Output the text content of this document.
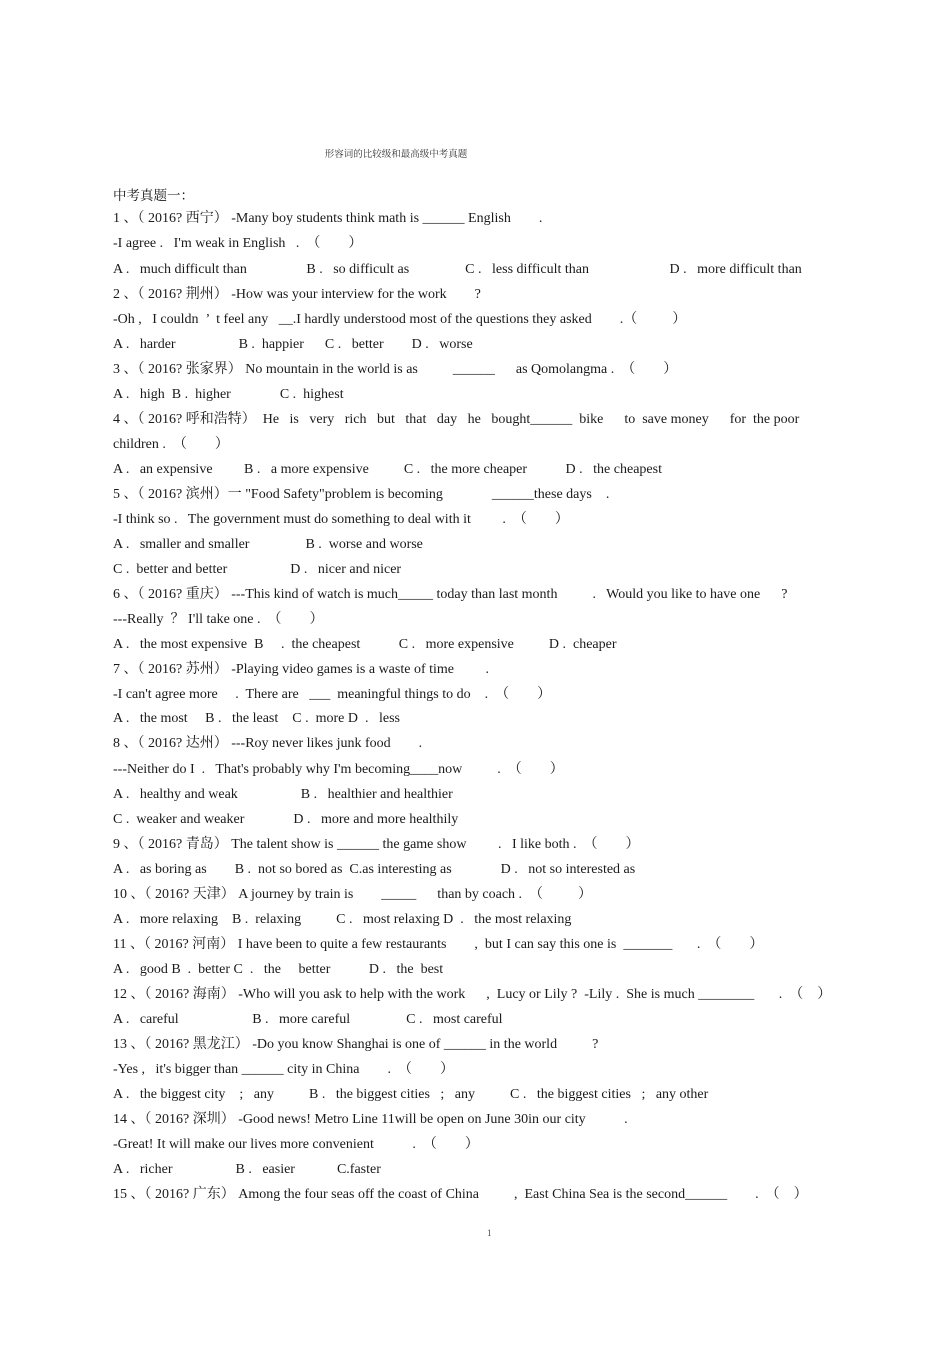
形容词的比较级和最高级中考真题
中考真题一：
1 、（ 2016? 西宁） -Many boy students think math is ______ English        .
-I agree .   I'm weak in English   .  （        ）
A .   much difficult than                 B .   so difficult as                C .   less difficult than                       D .   more difficult than
2 、（ 2016? 荆州） -How was your interview for the work        ?
-Oh ,   I couldn  ’  t feel any   __.I hardly understood most of the questions they asked        .（          ）
A .   harder                  B .  happier      C .   better        D .   worse
3 、（ 2016? 张家界） No mountain in the world is as          ______      as Qomolangma .  （        ）
A .   high  B .  higher              C .  highest
4 、（ 2016? 呼和浩特）  He   is   very   rich   but   that   day   he   bought______  bike      to  save money      for  the poor
children .  （        ）
A .   an expensive         B .   a more expensive          C .   the more cheaper           D .   the cheapest
5 、（ 2016? 滨州）一 "Food Safety"problem is becoming              ______these days    .
-I think so .   The government must do something to deal with it         .  （        ）
A .   smaller and smaller                B .  worse and worse
C .  better and better                  D .   nicer and nicer
6 、（ 2016? 重庆） ---This kind of watch is much_____ today than last month          .   Would you like to have one      ?
---Really  ？ I'll take one .  （        ）
A .   the most expensive  B     .  the cheapest           C .   more expensive          D .  cheaper
7 、（ 2016? 苏州） -Playing video games is a waste of time         .
-I can't agree more     .  There are   ___  meaningful things to do    .  （        ）
A .   the most     B .   the least    C .  more D  .   less
8 、（ 2016? 达州） ---Roy never likes junk food        .
---Neither do I  .   That's probably why I'm becoming____now          .  （        ）
A .   healthy and weak                  B .   healthier and healthier
C .  weaker and weaker              D .   more and more healthily
9 、（ 2016? 青岛） The talent show is ______ the game show         .   I like both .  （        ）
A .   as boring as        B .  not so bored as  C.as interesting as              D .   not so interested as
10 、（ 2016? 天津） A journey by train is        _____      than by coach .  （          ）
A .   more relaxing    B .  relaxing          C .   most relaxing D  .   the most relaxing
11 、（ 2016? 河南） I have been to quite a few restaurants        ,  but I can say this one is  _______       .  （        ）
A .   good B  .  better C  .   the     better           D .   the  best
12 、（ 2016? 海南） -Who will you ask to help with the work      ,  Lucy or Lily ?  -Lily .  She is much ________       .  （    ）
A .   careful                     B .   more careful                C .   most careful
13 、（ 2016? 黑龙江） -Do you know Shanghai is one of ______ in the world          ?
-Yes ,   it's bigger than ______ city in China        .  （        ）
A .   the biggest city    ;   any          B .   the biggest cities   ;   any          C .   the biggest cities   ;   any other
14 、（ 2016? 深圳） -Good news! Metro Line 11will be open on June 30in our city           .
-Great! It will make our lives more convenient           .  （        ）
A .   richer                  B .   easier            C.faster
15 、（ 2016? 广东） Among the four seas off the coast of China          ,  East China Sea is the second______        .  （    ）
1
